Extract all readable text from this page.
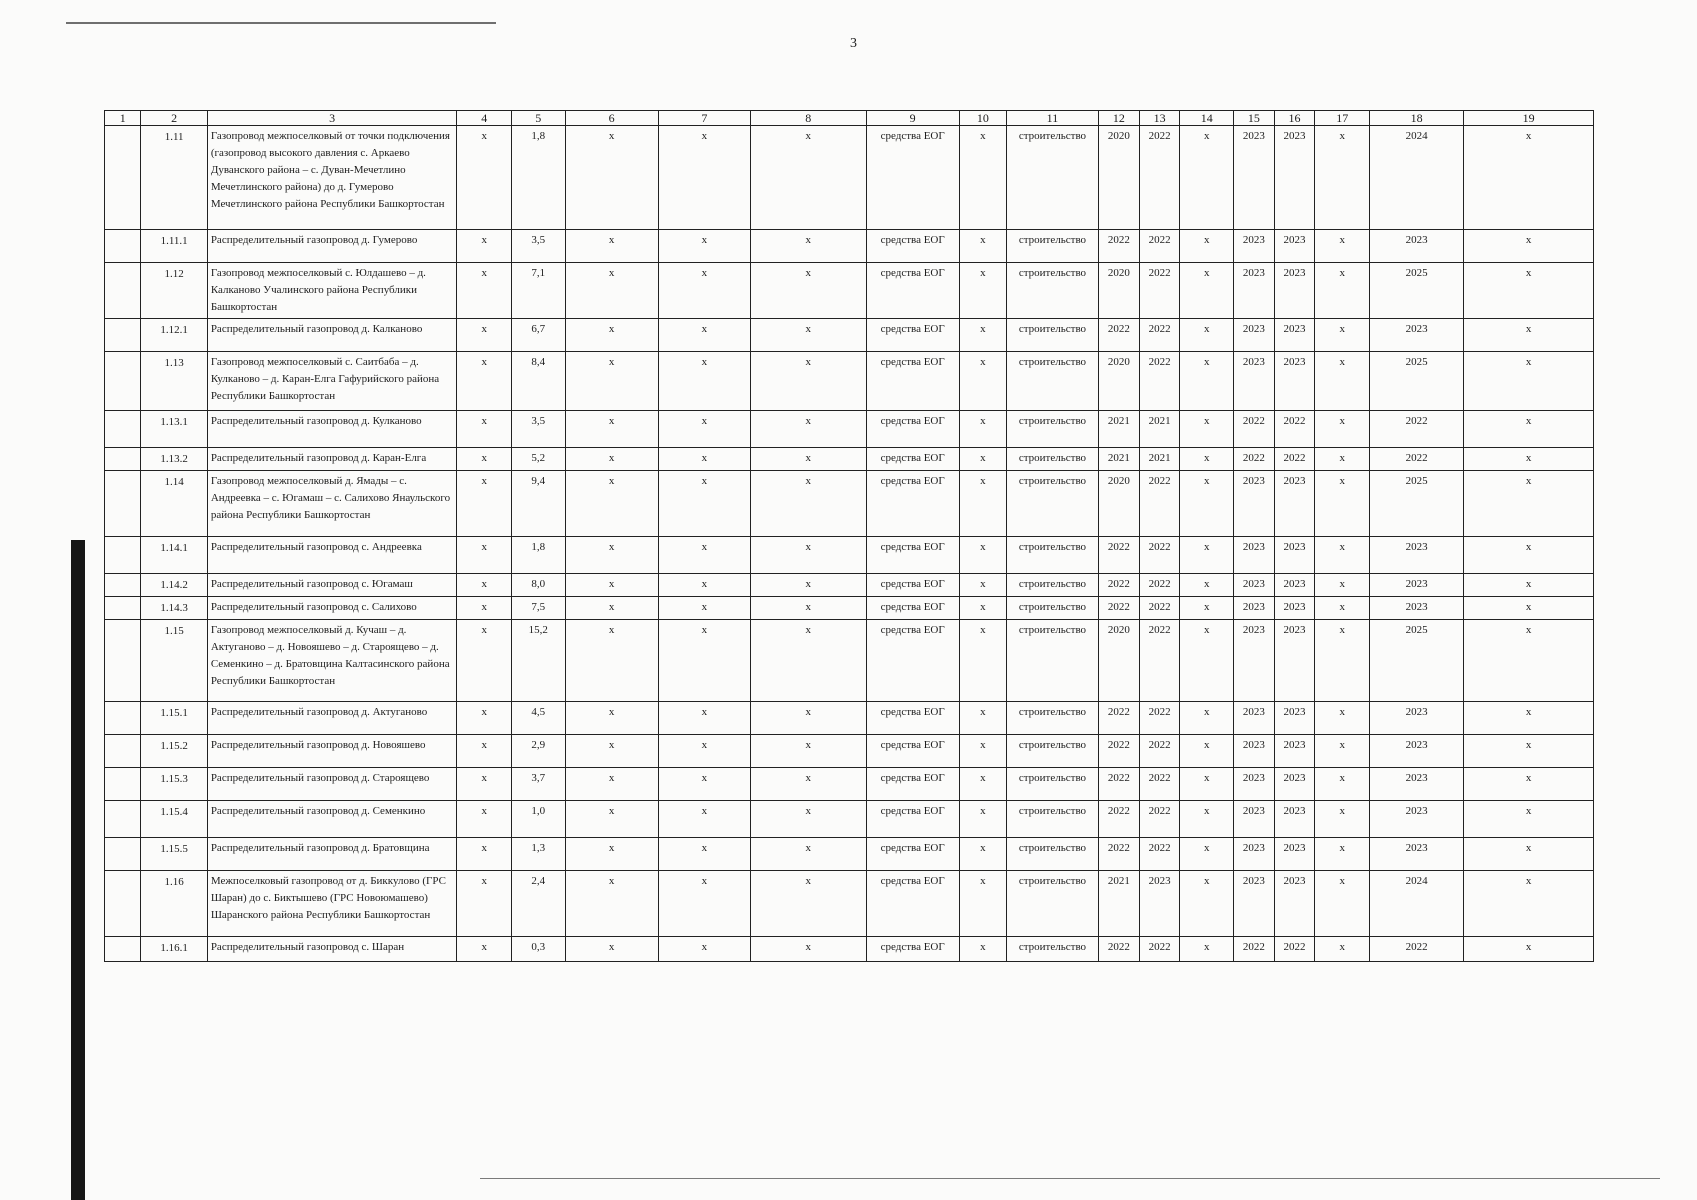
3
1	2	3	4	5	6	7	8	9	10	11	12	13	14	15	16	17	18	19
	1.11	Газопровод межпоселковый от точки подключения (газопровод высокого давления с. Аркаево Дуванского района – с. Дуван-Мечетлино Мечетлинского района) до д. Гумерово Мечетлинского района Республики Башкортостан	x	1,8	x	x	x	средства ЕОГ	x	строительство	2020	2022	x	2023	2023	x	2024	x
	1.11.1	Распределительный газопровод д. Гумерово	x	3,5	x	x	x	средства ЕОГ	x	строительство	2022	2022	x	2023	2023	x	2023	x
	1.12	Газопровод межпоселковый с. Юлдашево – д. Калканово Учалинского района Республики Башкортостан	x	7,1	x	x	x	средства ЕОГ	x	строительство	2020	2022	x	2023	2023	x	2025	x
	1.12.1	Распределительный газопровод д. Калканово	x	6,7	x	x	x	средства ЕОГ	x	строительство	2022	2022	x	2023	2023	x	2023	x
	1.13	Газопровод межпоселковый с. Саитбаба – д. Кулканово – д. Каран-Елга Гафурийского района Республики Башкортостан	x	8,4	x	x	x	средства ЕОГ	x	строительство	2020	2022	x	2023	2023	x	2025	x
	1.13.1	Распределительный газопровод д. Кулканово	x	3,5	x	x	x	средства ЕОГ	x	строительство	2021	2021	x	2022	2022	x	2022	x
	1.13.2	Распределительный газопровод д. Каран-Елга	x	5,2	x	x	x	средства ЕОГ	x	строительство	2021	2021	x	2022	2022	x	2022	x
	1.14	Газопровод межпоселковый д. Ямады – с. Андреевка – с. Югамаш – с. Салихово Янаульского района Республики Башкортостан	x	9,4	x	x	x	средства ЕОГ	x	строительство	2020	2022	x	2023	2023	x	2025	x
	1.14.1	Распределительный газопровод с. Андреевка	x	1,8	x	x	x	средства ЕОГ	x	строительство	2022	2022	x	2023	2023	x	2023	x
	1.14.2	Распределительный газопровод с. Югамаш	x	8,0	x	x	x	средства ЕОГ	x	строительство	2022	2022	x	2023	2023	x	2023	x
	1.14.3	Распределительный газопровод с. Салихово	x	7,5	x	x	x	средства ЕОГ	x	строительство	2022	2022	x	2023	2023	x	2023	x
	1.15	Газопровод межпоселковый д. Кучаш – д. Актуганово – д. Новояшево – д. Староящево – д. Семенкино – д. Братовщина Калтасинского района Республики Башкортостан	x	15,2	x	x	x	средства ЕОГ	x	строительство	2020	2022	x	2023	2023	x	2025	x
	1.15.1	Распределительный газопровод д. Актуганово	x	4,5	x	x	x	средства ЕОГ	x	строительство	2022	2022	x	2023	2023	x	2023	x
	1.15.2	Распределительный газопровод д. Новояшево	x	2,9	x	x	x	средства ЕОГ	x	строительство	2022	2022	x	2023	2023	x	2023	x
	1.15.3	Распределительный газопровод д. Староящево	x	3,7	x	x	x	средства ЕОГ	x	строительство	2022	2022	x	2023	2023	x	2023	x
	1.15.4	Распределительный газопровод д. Семенкино	x	1,0	x	x	x	средства ЕОГ	x	строительство	2022	2022	x	2023	2023	x	2023	x
	1.15.5	Распределительный газопровод д. Братовщина	x	1,3	x	x	x	средства ЕОГ	x	строительство	2022	2022	x	2023	2023	x	2023	x
	1.16	Межпоселковый газопровод от д. Биккулово (ГРС Шаран) до с. Биктышево (ГРС Новоюмашево) Шаранского района Республики Башкортостан	x	2,4	x	x	x	средства ЕОГ	x	строительство	2021	2023	x	2023	2023	x	2024	x
	1.16.1	Распределительный газопровод с. Шаран	x	0,3	x	x	x	средства ЕОГ	x	строительство	2022	2022	x	2022	2022	x	2022	x
